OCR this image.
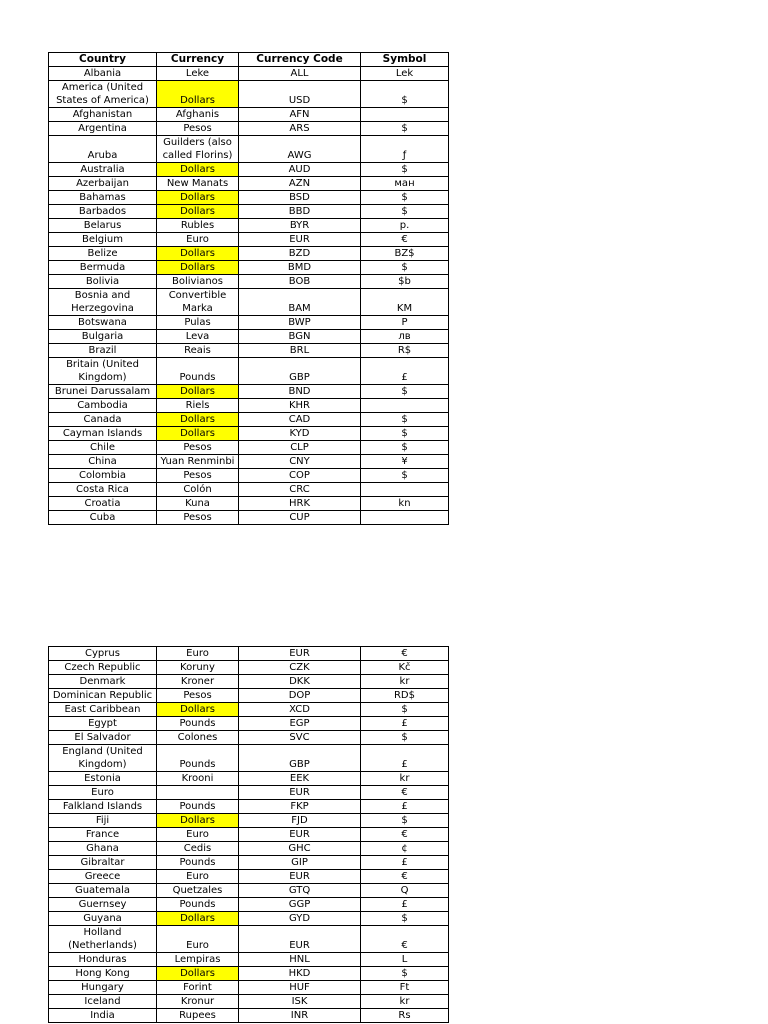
Country	Currency	Currency Code	Symbol
Albania	Leke	ALL	Lek
America (United States of America)	Dollars	USD	$
Afghanistan	Afghanis	AFN	
Argentina	Pesos	ARS	$
Aruba	Guilders (also called Florins)	AWG	ƒ
Australia	Dollars	AUD	$
Azerbaijan	New Manats	AZN	ман
Bahamas	Dollars	BSD	$
Barbados	Dollars	BBD	$
Belarus	Rubles	BYR	p.
Belgium	Euro	EUR	€
Belize	Dollars	BZD	BZ$
Bermuda	Dollars	BMD	$
Bolivia	Bolivianos	BOB	$b
Bosnia and Herzegovina	Convertible Marka	BAM	KM
Botswana	Pulas	BWP	P
Bulgaria	Leva	BGN	лв
Brazil	Reais	BRL	R$
Britain (United Kingdom)	Pounds	GBP	£
Brunei Darussalam	Dollars	BND	$
Cambodia	Riels	KHR	
Canada	Dollars	CAD	$
Cayman Islands	Dollars	KYD	$
Chile	Pesos	CLP	$
China	Yuan Renminbi	CNY	¥
Colombia	Pesos	COP	$
Costa Rica	Colón	CRC	
Croatia	Kuna	HRK	kn
Cuba	Pesos	CUP	
Cyprus	Euro	EUR	€
Czech Republic	Koruny	CZK	Kč
Denmark	Kroner	DKK	kr
Dominican Republic	Pesos	DOP	RD$
East Caribbean	Dollars	XCD	$
Egypt	Pounds	EGP	£
El Salvador	Colones	SVC	$
England (United Kingdom)	Pounds	GBP	£
Estonia	Krooni	EEK	kr
Euro		EUR	€
Falkland Islands	Pounds	FKP	£
Fiji	Dollars	FJD	$
France	Euro	EUR	€
Ghana	Cedis	GHC	¢
Gibraltar	Pounds	GIP	£
Greece	Euro	EUR	€
Guatemala	Quetzales	GTQ	Q
Guernsey	Pounds	GGP	£
Guyana	Dollars	GYD	$
Holland (Netherlands)	Euro	EUR	€
Honduras	Lempiras	HNL	L
Hong Kong	Dollars	HKD	$
Hungary	Forint	HUF	Ft
Iceland	Kronur	ISK	kr
India	Rupees	INR	Rs
